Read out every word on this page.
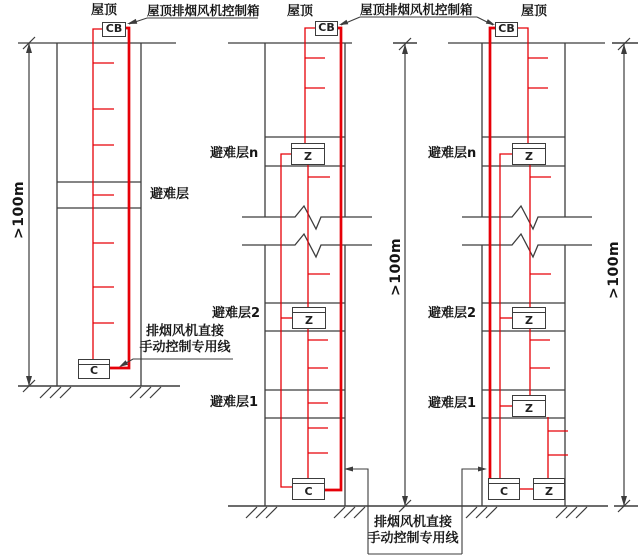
CB	CB	CB
C
C	C	Z
Z
Z
Z
Z
Z
屋顶	屋顶	屋顶
屋顶排烟风机控制箱	屋顶排烟风机控制箱
避难层
避难层n
避难层2
避难层1
避难层n
避难层2
避难层1
排烟风机直接
手动控制专用线
排烟风机直接
手动控制专用线
>100m
>100m	>100m
